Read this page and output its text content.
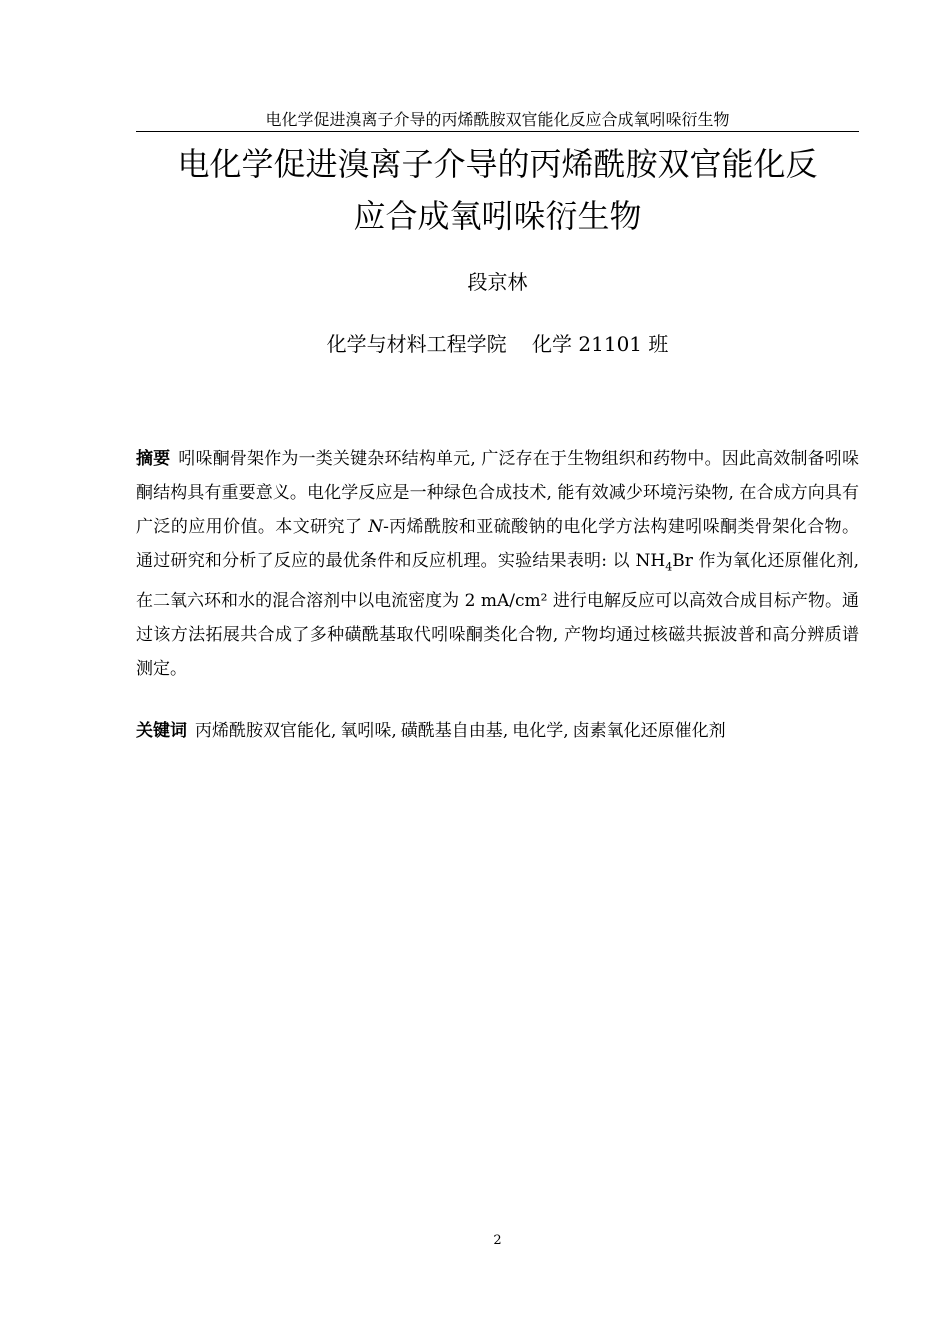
电化学促进溴离子介导的丙烯酰胺双官能化反应合成氧吲哚衍生物
电化学促进溴离子介导的丙烯酰胺双官能化反
应合成氧吲哚衍生物
段京林
化学与材料工程学院    化学 21101 班

摘要 吲哚酮骨架作为一类关键杂环结构单元, 广泛存在于生物组织和药物中。因此高效制备吲哚酮结构具有重要意义。电化学反应是一种绿色合成技术, 能有效减少环境污染物, 在合成方向具有广泛的应用价值。本文研究了 N-丙烯酰胺和亚硫酸钠的电化学方法构建吲哚酮类骨架化合物。通过研究和分析了反应的最优条件和反应机理。实验结果表明: 以 $NH_4Br$ 作为氧化还原催化剂, 在二氧六环和水的混合溶剂中以电流密度为 2 mA/cm² 进行电解反应可以高效合成目标产物。通过该方法拓展共合成了多种磺酰基取代吲哚酮类化合物, 产物均通过核磁共振波普和高分辨质谱测定。

关键词 丙烯酰胺双官能化, 氧吲哚, 磺酰基自由基, 电化学, 卤素氧化还原催化剂

2
